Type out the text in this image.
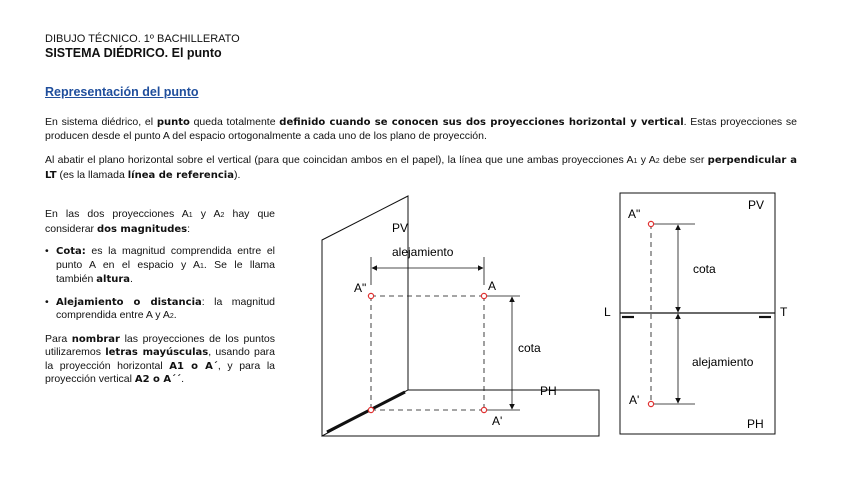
DIBUJO TÉCNICO. 1º BACHILLERATO
SISTEMA DIÉDRICO. El punto
Representación del punto
En sistema diédrico, el punto queda totalmente definido cuando se conocen sus dos proyecciones horizontal y vertical. Estas proyecciones se producen desde el punto A del espacio ortogonalmente a cada uno de los plano de proyección.
Al abatir el plano horizontal sobre el vertical (para que coincidan ambos en el papel), la línea que une ambas proyecciones A1 y A2 debe ser perpendicular a LT (es la llamada línea de referencia).

En las dos proyecciones A1 y A2 hay que considerar dos magnitudes:

• Cota: es la magnitud comprendida entre el punto A en el espacio y A1. Se le llama también altura.
• Alejamiento o distancia: la magnitud comprendida entre A y A2.

Para nombrar las proyecciones de los puntos utilizaremos letras mayúsculas, usando para la proyección horizontal A1 o A´, y para la proyección vertical A2 o A´´.

PV
alejamiento
A"	A
cota
PH
A'
PV
A"
cota
L	T
alejamiento
A'
PH
